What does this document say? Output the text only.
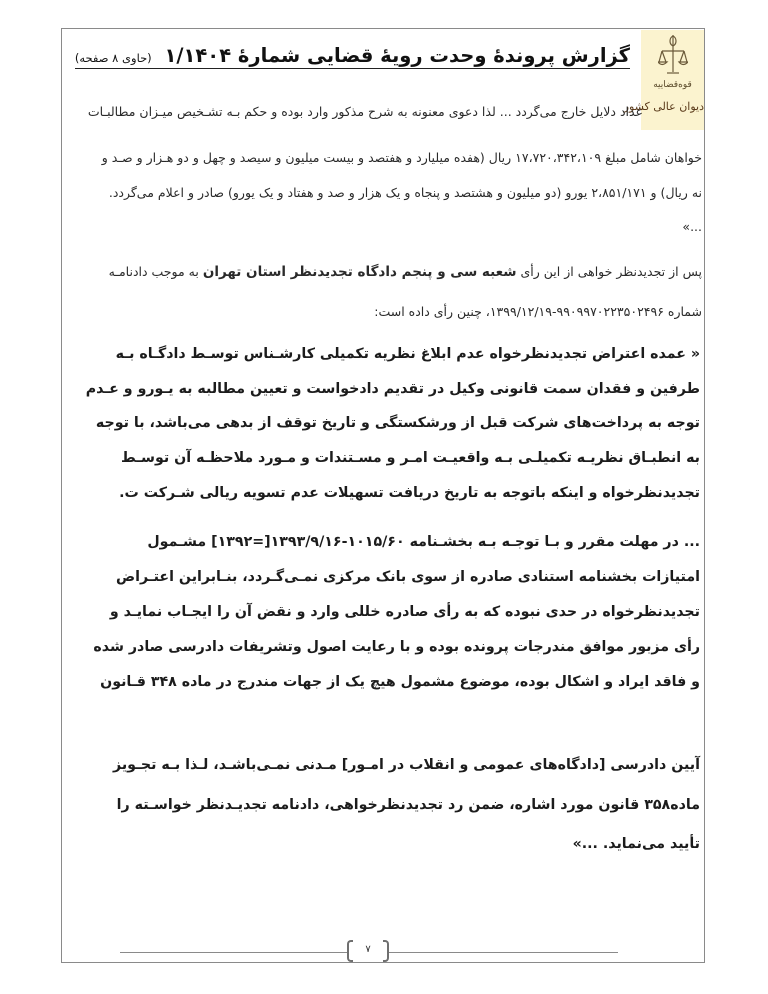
قوه‌قضاییه
دیوان عالی کشور
گزارش پروندهٔ وحدت رویهٔ قضایی شمارهٔ ۱/۱۴۰۴ (حاوی ۸ صفحه)
عداد دلایل خارج می‌گردد ... لذا دعوی معنونه به شرح مذکور وارد بوده و حکم بـه تشـخیص میـزان مطالبـات
خواهان شامل مبلغ ۱۷،۷۲۰،۳۴۲،۱۰۹ ریال (هفده میلیارد و هفتصد و بیست میلیون و سیصد و چهل و دو هـزار و صـد و
نه ریال) و ۲،۸۵۱/۱۷۱ یورو (دو میلیون و هشتصد و پنجاه و یک هزار و صد و هفتاد و یک یورو) صادر و اعلام می‌گردد.
...»
پس از تجدیدنظر خواهی از این رأی شعبه سی و پنجم دادگاه تجدیدنظر استان تهران به موجب دادنامـه
شماره ۹۹۰۹۹۷۰۲۲۳۵۰۲۴۹۶-۱۳۹۹/۱۲/۱۹، چنین رأی داده است:
« عمده اعتراض تجدیدنظرخواه عدم ابلاغ نظریه تکمیلی کارشـناس توسـط دادگـاه بـه
طرفین و فقدان سمت قانونی وکیل در تقدیم دادخواست و تعیین مطالبه به یـورو و عـدم
توجه به پرداخت‌های شرکت قبل از ورشکستگی و تاریخ توقف از بدهی می‌باشد، با توجه
به انطبـاق نظریـه تکمیلـی بـه واقعیـت امـر و مسـتندات و مـورد ملاحظـه آن توسـط
تجدیدنظرخواه و اینکه باتوجه به تاریخ دریافت تسهیلات عدم تسویه ریالی شـرکت ت.
... در مهلت مقرر و بـا توجـه بـه بخشـنامه ۱۰۱۵/۶۰-۱۳۹۳/۹/۱۶[=۱۳۹۲] مشـمول
امتیازات بخشنامه استنادی صادره از سوی بانک مرکزی نمـی‌گـردد، بنـابراین اعتـراض
تجدیدنظرخواه در حدی نبوده که به رأی صادره خللی وارد و نقض آن را ایجـاب نمایـد و
رأی مزبور موافق مندرجات پرونده بوده و با رعایت اصول وتشریفات دادرسی صادر شده
و فاقد ایراد و اشکال بوده، موضوع مشمول هیچ یک از جهات مندرج در ماده ۳۴۸ قـانون
آیین دادرسی [دادگاه‌های عمومی و انقلاب در امـور] مـدنی نمـی‌باشـد، لـذا بـه تجـویز
ماده۳۵۸ قانون مورد اشاره، ضمن رد تجدیدنظرخواهی، دادنامه تجدیـدنظر خواسـته را
تأیید می‌نماید. ...»
۷
